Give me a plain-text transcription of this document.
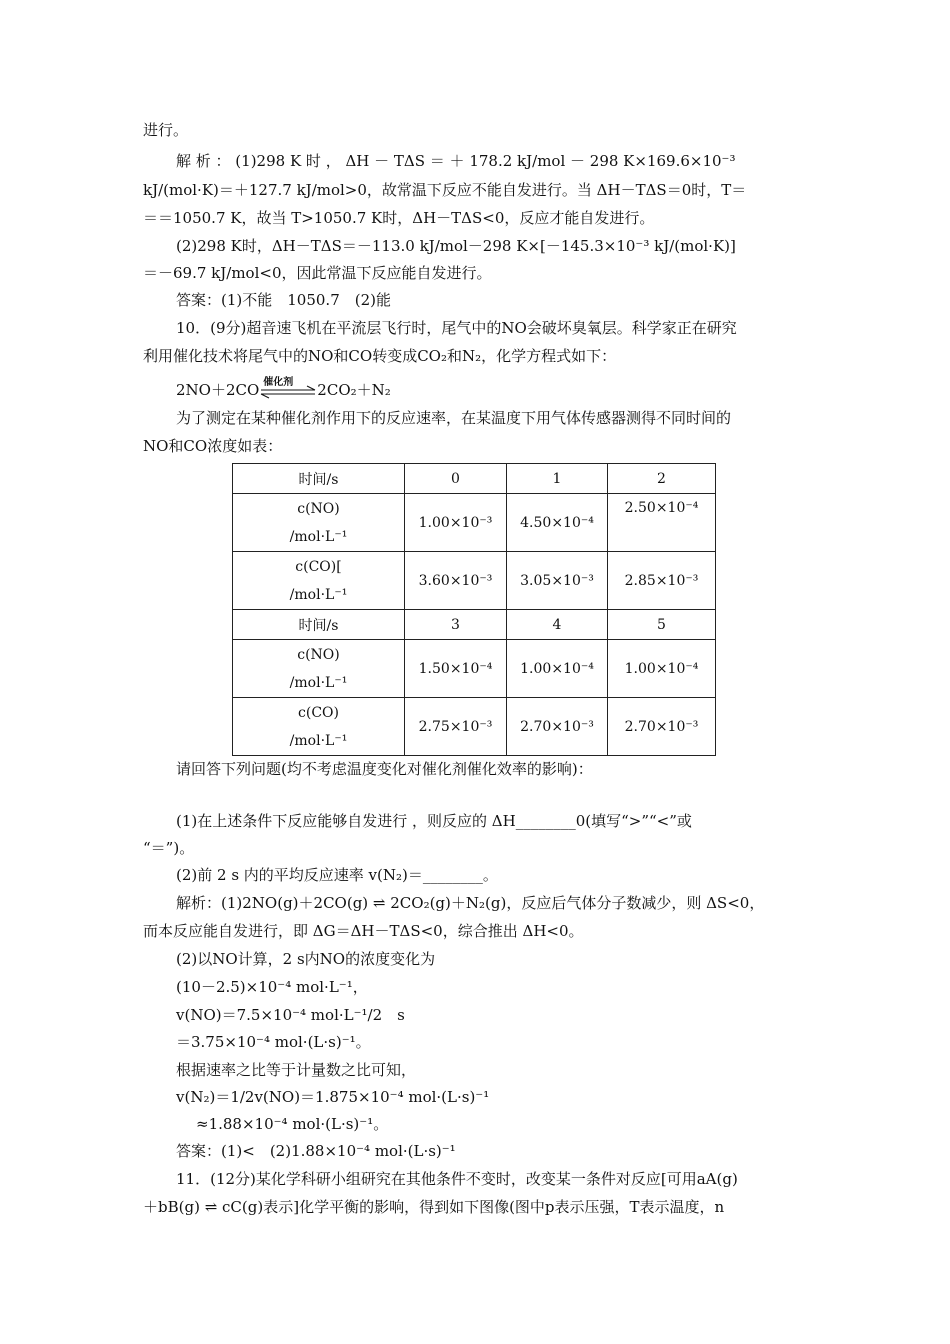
进行。
解 析 ： (1)298 K 时 ， ΔH － TΔS ＝ ＋ 178.2 kJ/mol － 298 K×169.6×10⁻³
kJ/(mol·K)＝＋127.7 kJ/mol>0，故常温下反应不能自发进行。当 ΔH－TΔS＝0时，T＝
＝＝1050.7 K，故当 T>1050.7 K时，ΔH－TΔS<0，反应才能自发进行。
(2)298 K时，ΔH－TΔS＝－113.0 kJ/mol－298 K×[－145.3×10⁻³ kJ/(mol·K)]
＝－69.7 kJ/mol<0，因此常温下反应能自发进行。
答案：(1)不能　1050.7　(2)能
10．(9分)超音速飞机在平流层飞行时，尾气中的NO会破坏臭氧层。科学家正在研究
利用催化技术将尾气中的NO和CO转变成CO₂和N₂，化学方程式如下：
2NO＋2CO 催化剂 2CO₂＋N₂
为了测定在某种催化剂作用下的反应速率，在某温度下用气体传感器测得不同时间的
NO和CO浓度如表：
时间/s	0	1	2

c(NO)
/mol·L⁻¹	1.00×10⁻³	4.50×10⁻⁴	2.50×10⁻⁴

c(CO)[
/mol·L⁻¹	3.60×10⁻³	3.05×10⁻³	2.85×10⁻³
时间/s	3	4	5

c(NO)
/mol·L⁻¹	1.50×10⁻⁴	1.00×10⁻⁴	1.00×10⁻⁴

c(CO)
/mol·L⁻¹	2.75×10⁻³	2.70×10⁻³	2.70×10⁻³
请回答下列问题(均不考虑温度变化对催化剂催化效率的影响)：
(1)在上述条件下反应能够自发进行 ，则反应的 ΔH________0(填写“>”“<”或
“＝”)。
(2)前 2 s 内的平均反应速率 v(N₂)＝________。
解析：(1)2NO(g)＋2CO(g) ⇌ 2CO₂(g)＋N₂(g)，反应后气体分子数减少，则 ΔS<0，
而本反应能自发进行，即 ΔG＝ΔH－TΔS<0，综合推出 ΔH<0。
(2)以NO计算，2 s内NO的浓度变化为
(10－2.5)×10⁻⁴ mol·L⁻¹，
v(NO)＝7.5×10⁻⁴ mol·L⁻¹/2　s
＝3.75×10⁻⁴ mol·(L·s)⁻¹。
根据速率之比等于计量数之比可知，
v(N₂)＝1/2v(NO)＝1.875×10⁻⁴ mol·(L·s)⁻¹
≈1.88×10⁻⁴ mol·(L·s)⁻¹。
答案：(1)<　(2)1.88×10⁻⁴ mol·(L·s)⁻¹
11．(12分)某化学科研小组研究在其他条件不变时，改变某一条件对反应[可用aA(g)
＋bB(g) ⇌ cC(g)表示]化学平衡的影响，得到如下图像(图中p表示压强，T表示温度，n
